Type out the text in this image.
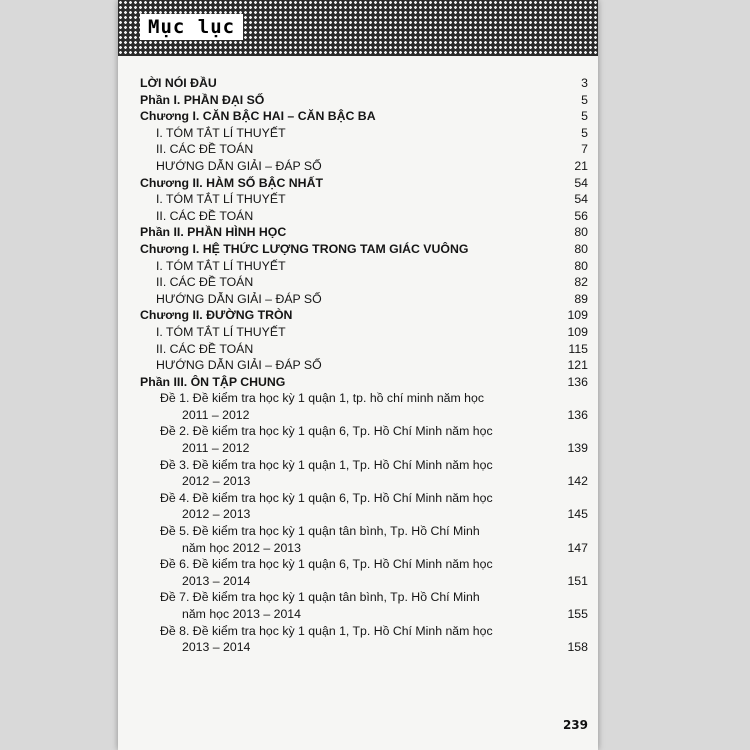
Mục lục
LỜI NÓI ĐẦU	3
Phần I. PHẦN ĐẠI SỐ	5
Chương I. CĂN BẬC HAI – CĂN BẬC BA	5
I. TÓM TẮT LÍ THUYẾT	5
II. CÁC ĐỀ TOÁN	7
HƯỚNG DẪN GIẢI – ĐÁP SỐ	21
Chương II. HÀM SỐ BẬC NHẤT	54
I. TÓM TẮT LÍ THUYẾT	54
II. CÁC ĐỀ TOÁN	56
Phần II. PHẦN HÌNH HỌC	80
Chương I. HỆ THỨC LƯỢNG TRONG TAM GIÁC VUÔNG	80
I. TÓM TẮT LÍ THUYẾT	80
II. CÁC ĐỀ TOÁN	82
HƯỚNG DẪN GIẢI – ĐÁP SỐ	89
Chương II. ĐƯỜNG TRÒN	109
I. TÓM TẮT LÍ THUYẾT	109
II. CÁC ĐỀ TOÁN	115
HƯỚNG DẪN GIẢI – ĐÁP SỐ	121
Phần III. ÔN TẬP CHUNG	136
Đề 1. Đề kiểm tra học kỳ 1 quận 1, tp. hồ chí minh năm học
2011 – 2012	136
Đề 2. Đề kiểm tra học kỳ 1 quận 6, Tp. Hồ Chí Minh năm học
2011 – 2012	139
Đề 3. Đề kiểm tra học kỳ 1 quận 1, Tp. Hồ Chí Minh năm học
2012 – 2013	142
Đề 4. Đề kiểm tra học kỳ 1 quận 6, Tp. Hồ Chí Minh năm học
2012 – 2013	145
Đề 5. Đề kiểm tra học kỳ 1 quận tân bình, Tp. Hồ Chí Minh
năm học 2012 – 2013	147
Đề 6. Đề kiểm tra học kỳ 1 quận 6, Tp. Hồ Chí Minh năm học
2013 – 2014	151
Đề 7. Đề kiểm tra học kỳ 1 quận tân bình, Tp. Hồ Chí Minh
năm học 2013 – 2014	155
Đề 8. Đề kiểm tra học kỳ 1 quận 1, Tp. Hồ Chí Minh năm học
2013 – 2014	158
239
